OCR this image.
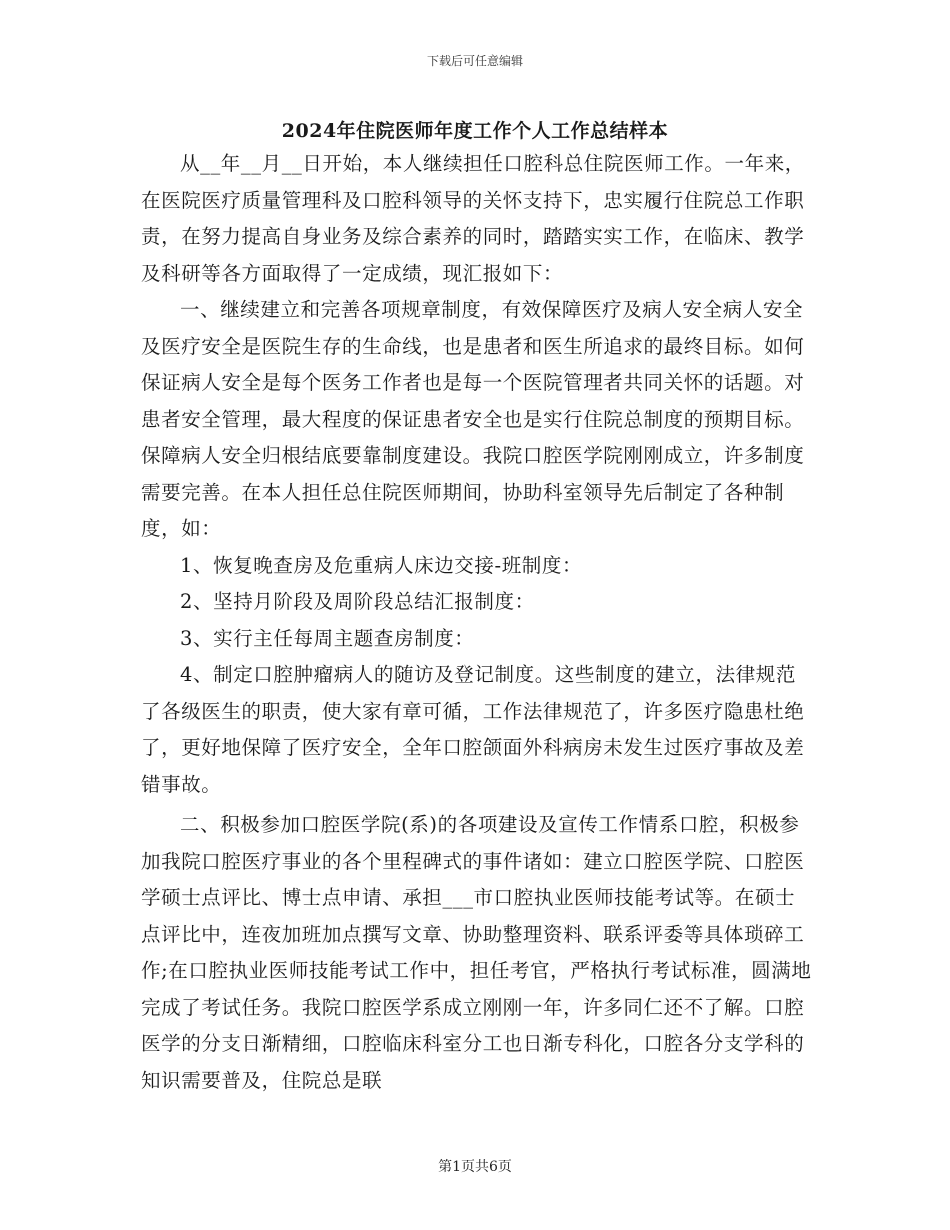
下载后可任意编辑
2024年住院医师年度工作个人工作总结样本

从__年__月__日开始，本人继续担任口腔科总住院医师工作。一年来，在医院医疗质量管理科及口腔科领导的关怀支持下，忠实履行住院总工作职责，在努力提高自身业务及综合素养的同时，踏踏实实工作，在临床、教学及科研等各方面取得了一定成绩，现汇报如下：

一、继续建立和完善各项规章制度，有效保障医疗及病人安全病人安全及医疗安全是医院生存的生命线，也是患者和医生所追求的最终目标。如何保证病人安全是每个医务工作者也是每一个医院管理者共同关怀的话题。对患者安全管理，最大程度的保证患者安全也是实行住院总制度的预期目标。保障病人安全归根结底要靠制度建设。我院口腔医学院刚刚成立，许多制度需要完善。在本人担任总住院医师期间，协助科室领导先后制定了各种制度，如：

1、恢复晚查房及危重病人床边交接-班制度：

2、坚持月阶段及周阶段总结汇报制度：

3、实行主任每周主题查房制度：

4、制定口腔肿瘤病人的随访及登记制度。这些制度的建立，法律规范了各级医生的职责，使大家有章可循，工作法律规范了，许多医疗隐患杜绝了，更好地保障了医疗安全，全年口腔颌面外科病房未发生过医疗事故及差错事故。

二、积极参加口腔医学院(系)的各项建设及宣传工作情系口腔，积极参加我院口腔医疗事业的各个里程碑式的事件诸如：建立口腔医学院、口腔医学硕士点评比、博士点申请、承担___市口腔执业医师技能考试等。在硕士点评比中，连夜加班加点撰写文章、协助整理资料、联系评委等具体琐碎工作;在口腔执业医师技能考试工作中，担任考官，严格执行考试标准，圆满地完成了考试任务。我院口腔医学系成立刚刚一年，许多同仁还不了解。口腔医学的分支日渐精细，口腔临床科室分工也日渐专科化，口腔各分支学科的知识需要普及，住院总是联

第1页共6页
